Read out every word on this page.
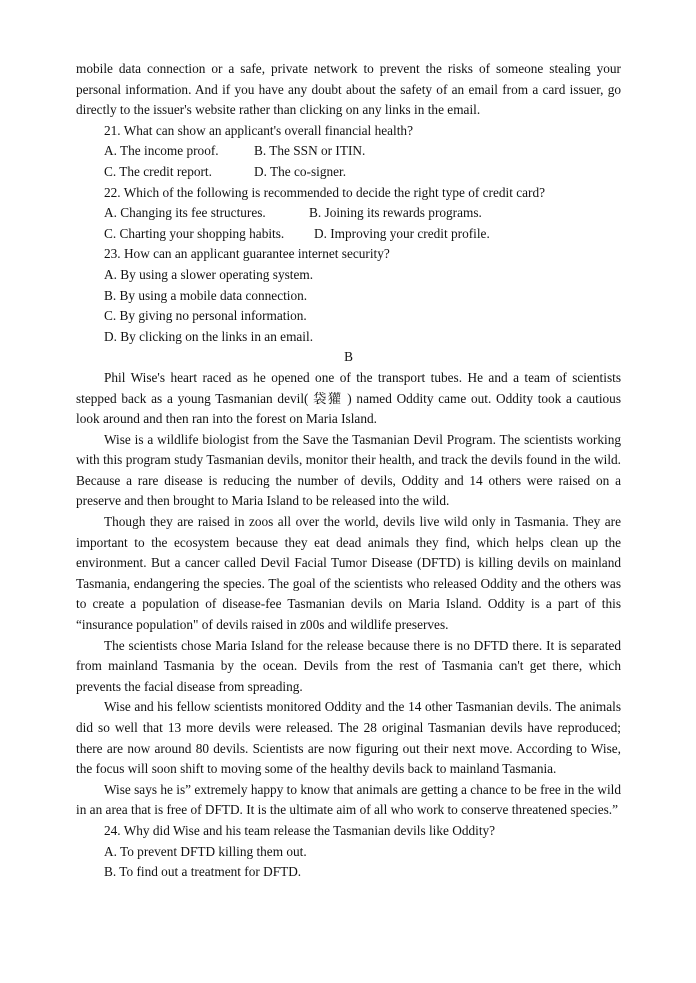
mobile data connection or a safe, private network to prevent the risks of someone stealing your personal information. And if you have any doubt about the safety of an email from a card issuer, go directly to the issuer's website rather than clicking on any links in the email.

21. What can show an applicant's overall financial health?

A. The income proof.	B. The SSN or ITIN.

C. The credit report.	D. The co-signer.

22. Which of the following is recommended to decide the right type of credit card?

A. Changing its fee structures.	B. Joining its rewards programs.

C. Charting your shopping habits. D. Improving your credit profile.

23. How can an applicant guarantee internet security?

A. By using a slower operating system.

B. By using a mobile data connection.

C. By giving no personal information.

D. By clicking on the links in an email.

B

Phil Wise's heart raced as he opened one of the transport tubes. He and a team of scientists stepped back as a young Tasmanian devil( 袋獾 ) named Oddity came out. Oddity took a cautious look around and then ran into the forest on Maria Island.

Wise is a wildlife biologist from the Save the Tasmanian Devil Program. The scientists working with this program study Tasmanian devils, monitor their health, and track the devils found in the wild. Because a rare disease is reducing the number of devils, Oddity and 14 others were raised on a preserve and then brought to Maria Island to be released into the wild.

Though they are raised in zoos all over the world, devils live wild only in Tasmania. They are important to the ecosystem because they eat dead animals they find, which helps clean up the environment. But a cancer called Devil Facial Tumor Disease (DFTD) is killing devils on mainland Tasmania, endangering the species. The goal of the scientists who released Oddity and the others was to create a population of disease-fee Tasmanian devils on Maria Island. Oddity is a part of this “insurance population" of devils raised in z00s and wildlife preserves.

The scientists chose Maria Island for the release because there is no DFTD there. It is separated from mainland Tasmania by the ocean. Devils from the rest of Tasmania can't get there, which prevents the facial disease from spreading.

Wise and his fellow scientists monitored Oddity and the 14 other Tasmanian devils. The animals did so well that 13 more devils were released. The 28 original Tasmanian devils have reproduced; there are now around 80 devils. Scientists are now figuring out their next move. According to Wise, the focus will soon shift to moving some of the healthy devils back to mainland Tasmania.

Wise says he is” extremely happy to know that animals are getting a chance to be free in the wild in an area that is free of DFTD. It is the ultimate aim of all who work to conserve threatened species.”

24. Why did Wise and his team release the Tasmanian devils like Oddity?

A. To prevent DFTD killing them out.

B. To find out a treatment for DFTD.
